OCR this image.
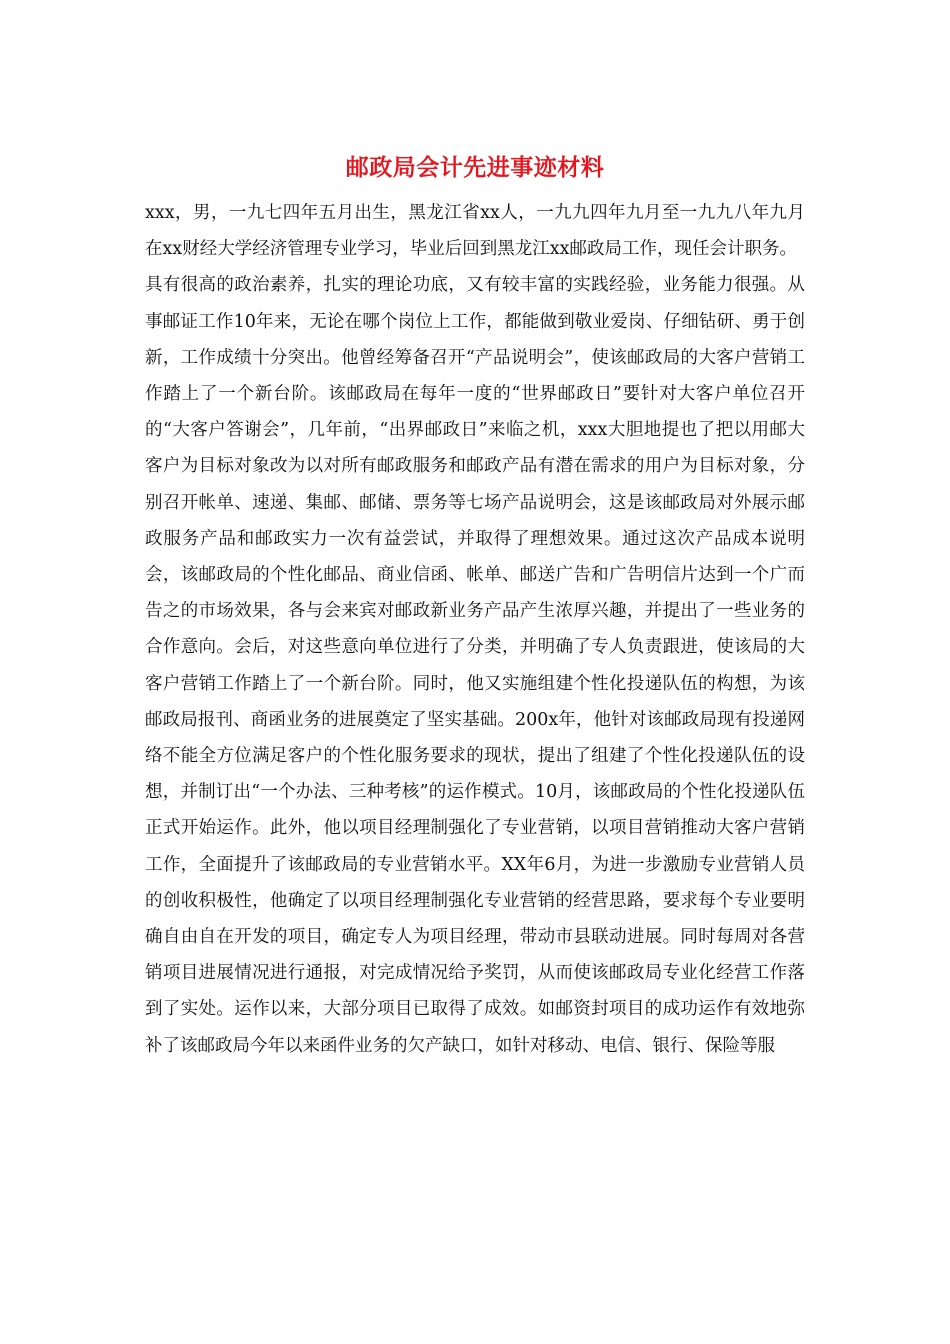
邮政局会计先进事迹材料

xxx，男，一九七四年五月出生，黑龙江省xx人，一九九四年九月至一九九八年九月在xx财经大学经济管理专业学习，毕业后回到黑龙江xx邮政局工作，现任会计职务。

具有很高的政治素养，扎实的理论功底，又有较丰富的实践经验，业务能力很强。从事邮证工作10年来，无论在哪个岗位上工作，都能做到敬业爱岗、仔细钻研、勇于创新，工作成绩十分突出。他曾经筹备召开“产品说明会”，使该邮政局的大客户营销工作踏上了一个新台阶。该邮政局在每年一度的“世界邮政日”要针对大客户单位召开的“大客户答谢会”，几年前，“出界邮政日”来临之机，xxx大胆地提也了把以用邮大客户为目标对象改为以对所有邮政服务和邮政产品有潜在需求的用户为目标对象，分别召开帐单、速递、集邮、邮储、票务等七场产品说明会，这是该邮政局对外展示邮政服务产品和邮政实力一次有益尝试，并取得了理想效果。通过这次产品成本说明会，该邮政局的个性化邮品、商业信函、帐单、邮送广告和广告明信片达到一个广而告之的市场效果，各与会来宾对邮政新业务产品产生浓厚兴趣，并提出了一些业务的合作意向。会后，对这些意向单位进行了分类，并明确了专人负责跟进，使该局的大客户营销工作踏上了一个新台阶。同时，他又实施组建个性化投递队伍的构想，为该邮政局报刊、商函业务的进展奠定了坚实基础。200x年，他针对该邮政局现有投递网络不能全方位满足客户的个性化服务要求的现状，提出了组建了个性化投递队伍的设想，并制订出“一个办法、三种考核”的运作模式。10月，该邮政局的个性化投递队伍正式开始运作。此外，他以项目经理制强化了专业营销，以项目营销推动大客户营销工作，全面提升了该邮政局的专业营销水平。XX年6月，为进一步激励专业营销人员的创收积极性，他确定了以项目经理制强化专业营销的经营思路，要求每个专业要明确自由自在开发的项目，确定专人为项目经理，带动市县联动进展。同时每周对各营销项目进展情况进行通报，对完成情况给予奖罚，从而使该邮政局专业化经营工作落到了实处。运作以来，大部分项目已取得了成效。如邮资封项目的成功运作有效地弥补了该邮政局今年以来函件业务的欠产缺口，如针对移动、电信、银行、保险等服
